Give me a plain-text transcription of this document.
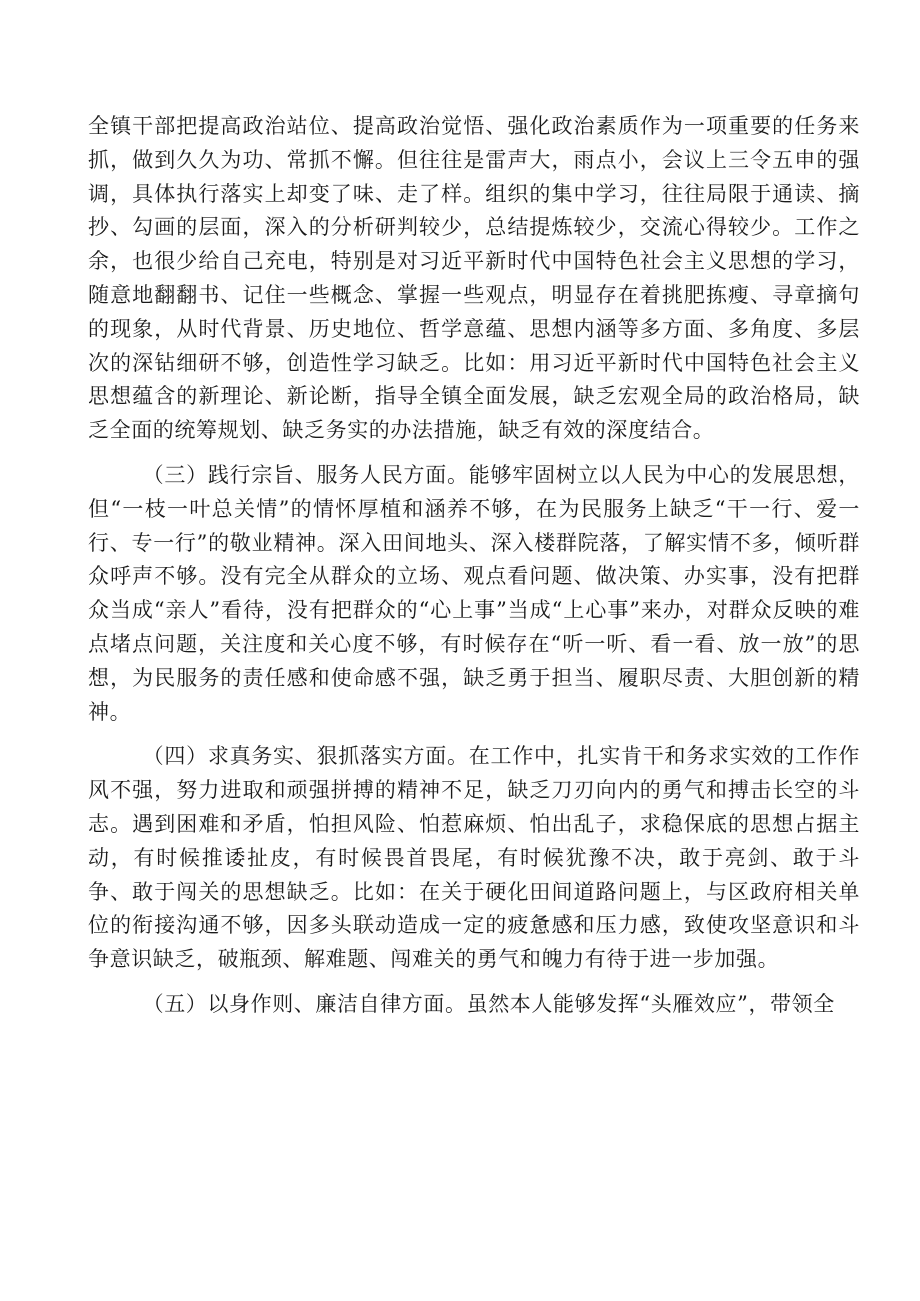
全镇干部把提高政治站位、提高政治觉悟、强化政治素质作为一项重要的任务来抓，做到久久为功、常抓不懈。但往往是雷声大，雨点小，会议上三令五申的强调，具体执行落实上却变了味、走了样。组织的集中学习，往往局限于通读、摘抄、勾画的层面，深入的分析研判较少，总结提炼较少，交流心得较少。工作之余，也很少给自己充电，特别是对习近平新时代中国特色社会主义思想的学习，随意地翻翻书、记住一些概念、掌握一些观点，明显存在着挑肥拣瘦、寻章摘句的现象，从时代背景、历史地位、哲学意蕴、思想内涵等多方面、多角度、多层次的深钻细研不够，创造性学习缺乏。比如：用习近平新时代中国特色社会主义思想蕴含的新理论、新论断，指导全镇全面发展，缺乏宏观全局的政治格局，缺乏全面的统筹规划、缺乏务实的办法措施，缺乏有效的深度结合。

（三）践行宗旨、服务人民方面。能够牢固树立以人民为中心的发展思想，但“一枝一叶总关情”的情怀厚植和涵养不够，在为民服务上缺乏“干一行、爱一行、专一行”的敬业精神。深入田间地头、深入楼群院落，了解实情不多，倾听群众呼声不够。没有完全从群众的立场、观点看问题、做决策、办实事，没有把群众当成“亲人”看待，没有把群众的“心上事”当成“上心事”来办，对群众反映的难点堵点问题，关注度和关心度不够，有时候存在“听一听、看一看、放一放”的思想，为民服务的责任感和使命感不强，缺乏勇于担当、履职尽责、大胆创新的精神。

（四）求真务实、狠抓落实方面。在工作中，扎实肯干和务求实效的工作作风不强，努力进取和顽强拼搏的精神不足，缺乏刀刃向内的勇气和搏击长空的斗志。遇到困难和矛盾，怕担风险、怕惹麻烦、怕出乱子，求稳保底的思想占据主动，有时候推诿扯皮，有时候畏首畏尾，有时候犹豫不决，敢于亮剑、敢于斗争、敢于闯关的思想缺乏。比如：在关于硬化田间道路问题上，与区政府相关单位的衔接沟通不够，因多头联动造成一定的疲惫感和压力感，致使攻坚意识和斗争意识缺乏，破瓶颈、解难题、闯难关的勇气和魄力有待于进一步加强。

（五）以身作则、廉洁自律方面。虽然本人能够发挥“头雁效应”，带领全
